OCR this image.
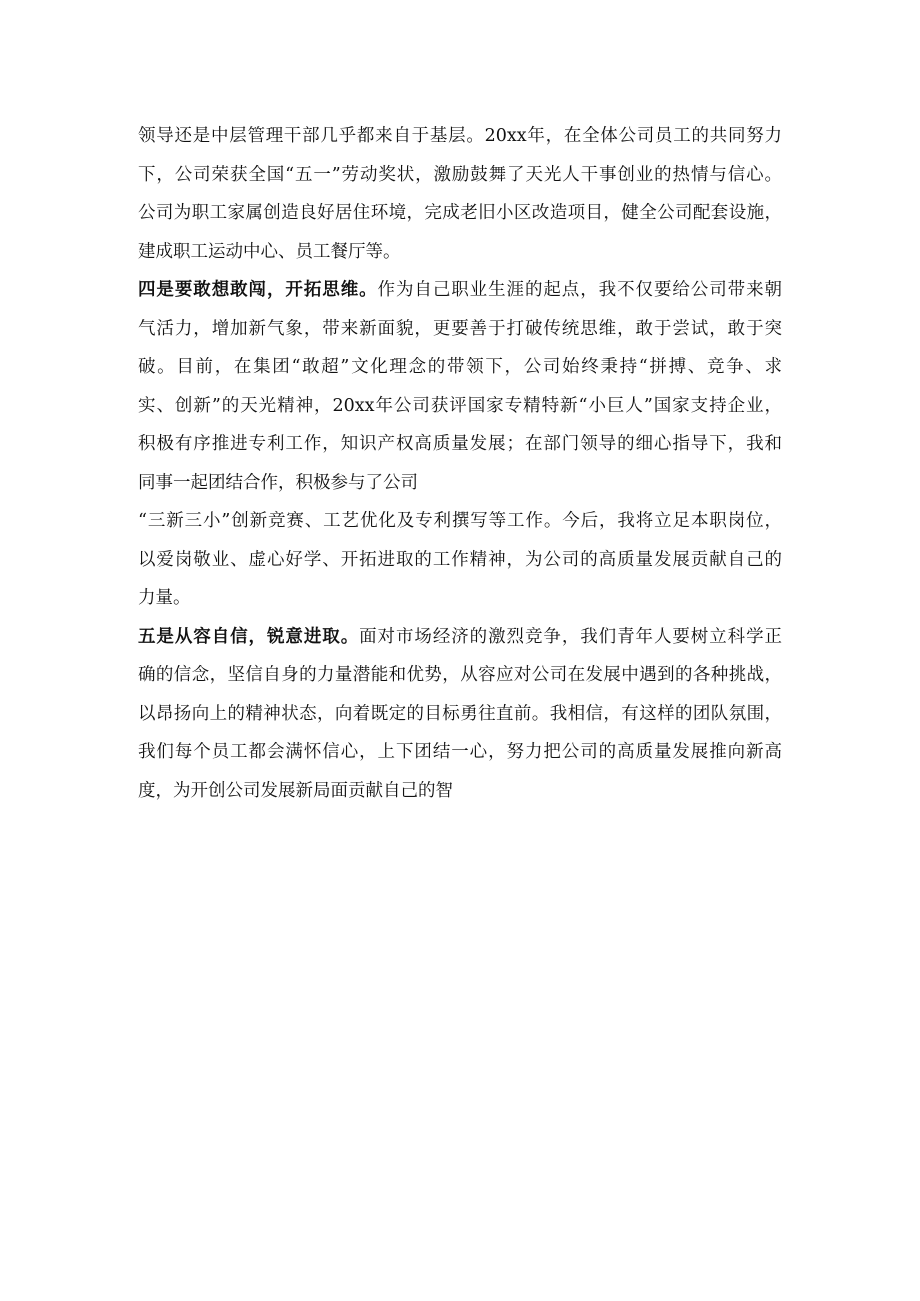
领导还是中层管理干部几乎都来自于基层。20xx年，在全体公司员工的共同努力
下，公司荣获全国“五一”劳动奖状，激励鼓舞了天光人干事创业的热情与信心。
公司为职工家属创造良好居住环境，完成老旧小区改造项目，健全公司配套设施，
建成职工运动中心、员工餐厅等。
四是要敢想敢闯，开拓思维。作为自己职业生涯的起点，我不仅要给公司带来朝
气活力，增加新气象，带来新面貌，更要善于打破传统思维，敢于尝试，敢于突
破。目前，在集团“敢超”文化理念的带领下，公司始终秉持“拼搏、竞争、求
实、创新”的天光精神，20xx年公司获评国家专精特新“小巨人”国家支持企业，
积极有序推进专利工作，知识产权高质量发展；在部门领导的细心指导下，我和
同事一起团结合作，积极参与了公司
“三新三小”创新竞赛、工艺优化及专利撰写等工作。今后，我将立足本职岗位，
以爱岗敬业、虚心好学、开拓进取的工作精神，为公司的高质量发展贡献自己的
力量。
五是从容自信，锐意进取。面对市场经济的激烈竞争，我们青年人要树立科学正
确的信念，坚信自身的力量潜能和优势，从容应对公司在发展中遇到的各种挑战，
以昂扬向上的精神状态，向着既定的目标勇往直前。我相信，有这样的团队氛围，
我们每个员工都会满怀信心，上下团结一心，努力把公司的高质量发展推向新高
度，为开创公司发展新局面贡献自己的智
